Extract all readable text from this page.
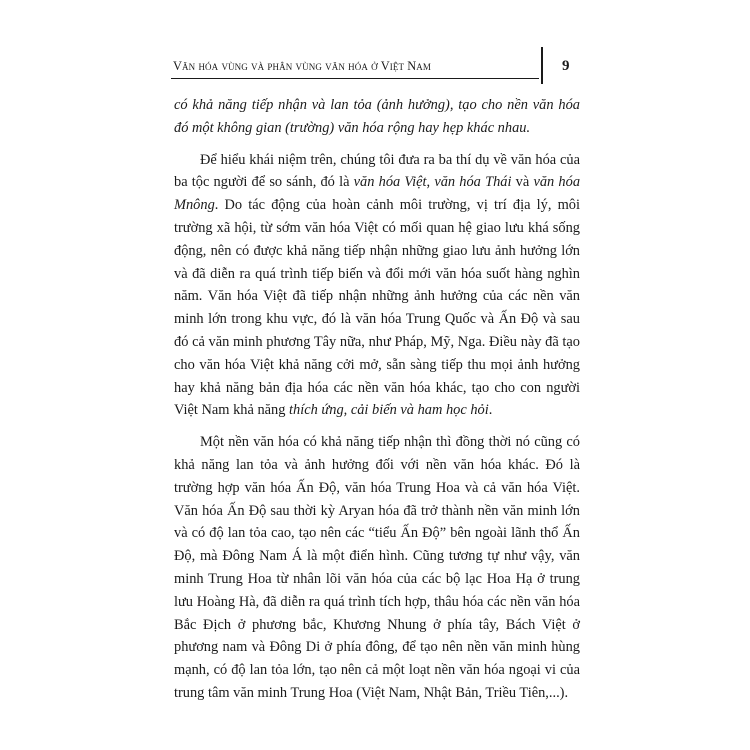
Văn hóa vùng và phân vùng văn hóa ở Việt Nam	9

có khả năng tiếp nhận và lan tỏa (ảnh hưởng), tạo cho nền văn hóa đó một không gian (trường) văn hóa rộng hay hẹp khác nhau.

Để hiểu khái niệm trên, chúng tôi đưa ra ba thí dụ về văn hóa của ba tộc người để so sánh, đó là văn hóa Việt, văn hóa Thái và văn hóa Mnông. Do tác động của hoàn cảnh môi trường, vị trí địa lý, môi trường xã hội, từ sớm văn hóa Việt có mối quan hệ giao lưu khá sống động, nên có được khả năng tiếp nhận những giao lưu ảnh hưởng lớn và đã diễn ra quá trình tiếp biến và đổi mới văn hóa suốt hàng nghìn năm. Văn hóa Việt đã tiếp nhận những ảnh hưởng của các nền văn minh lớn trong khu vực, đó là văn hóa Trung Quốc và Ấn Độ và sau đó cả văn minh phương Tây nữa, như Pháp, Mỹ, Nga. Điều này đã tạo cho văn hóa Việt khả năng cởi mở, sẵn sàng tiếp thu mọi ảnh hưởng hay khả năng bản địa hóa các nền văn hóa khác, tạo cho con người Việt Nam khả năng thích ứng, cải biến và ham học hỏi.

Một nền văn hóa có khả năng tiếp nhận thì đồng thời nó cũng có khả năng lan tỏa và ảnh hưởng đối với nền văn hóa khác. Đó là trường hợp văn hóa Ấn Độ, văn hóa Trung Hoa và cả văn hóa Việt. Văn hóa Ấn Độ sau thời kỳ Aryan hóa đã trở thành nền văn minh lớn và có độ lan tỏa cao, tạo nên các “tiểu Ấn Độ” bên ngoài lãnh thổ Ấn Độ, mà Đông Nam Á là một điển hình. Cũng tương tự như vậy, văn minh Trung Hoa từ nhân lõi văn hóa của các bộ lạc Hoa Hạ ở trung lưu Hoàng Hà, đã diễn ra quá trình tích hợp, thâu hóa các nền văn hóa Bắc Địch ở phương bắc, Khương Nhung ở phía tây, Bách Việt ở phương nam và Đông Di ở phía đông, để tạo nên nền văn minh hùng mạnh, có độ lan tỏa lớn, tạo nên cả một loạt nền văn hóa ngoại vi của trung tâm văn minh Trung Hoa (Việt Nam, Nhật Bản, Triều Tiên,...).
